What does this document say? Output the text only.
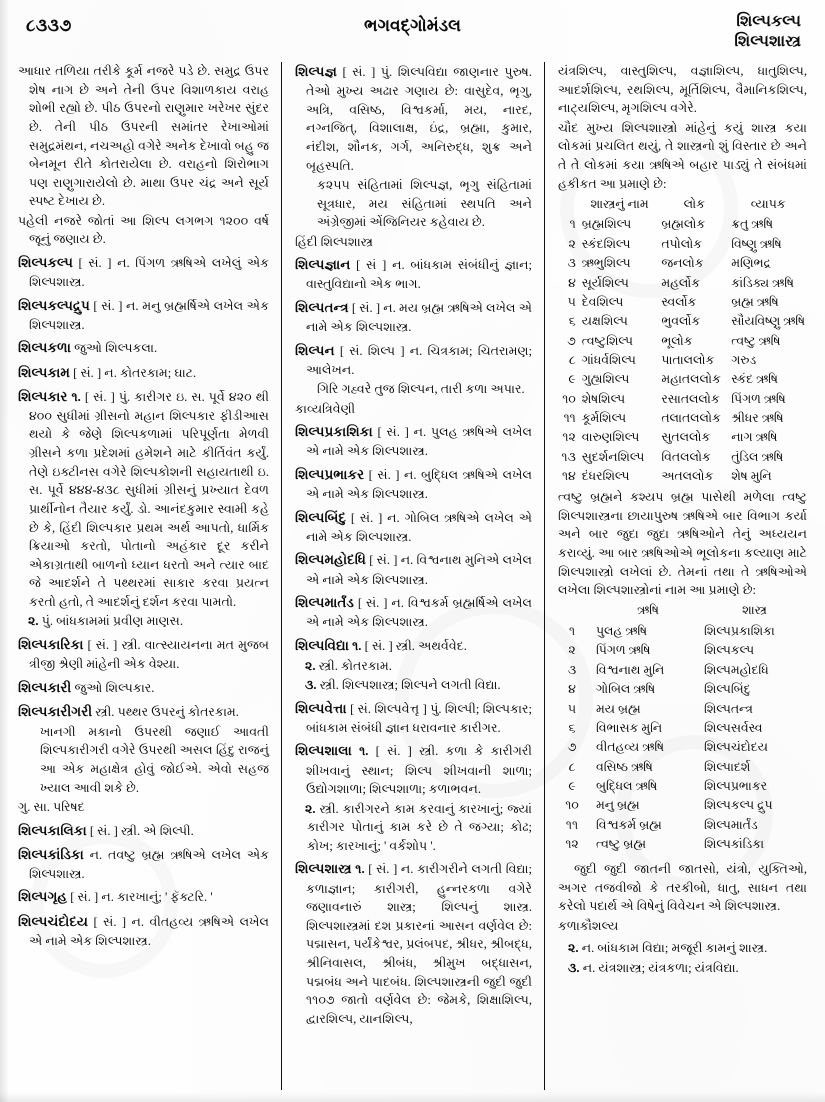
૮૩૩૭	ભગવદ્‌ગોમંડલ	શિલ્પકલ્પ
શિલ્પશાસ્ત્ર

આધાર તળિયા તરીકે કૂર્મ નજરે પડે છે. સમુદ્ર ઉપર શેષ નાગ છે અને તેની ઉપર વિશાળકાય વરાહ શોભી રહ્યો છે. પીઠ ઉપરનો રાણુમાર ખરેખર સુંદર છે. તેની પીઠ ઉપરની સમાંતર રેખાઓમાં સમુદ્રમંથન, નચઅહો વગેરે અનેક દેખાવો બહુ જ બેનમૂન રીતે કોતરાયેલા છે. વરાહનો શિરોભાગ પણ રાણુગારાયેલો છે. માથા ઉપર ચંદ્ર અને સૂર્ય સ્પષ્ટ દેખાય છે.

પહેલી નજરે જોતાં આ શિલ્પ લગભગ ૧૨૦૦ વર્ષ જૂનું જણાય છે.

શિલ્પકલ્પ [ સં. ] ન. પિંગળ ઋષિએ લખેલું એક શિલ્પશાસ્ત્ર.

શિલ્પકલ્પદ્રુપ [ સં. ] ન. મનુ બ્રહ્મર્ષિએ લખેલ એક શિલ્પશાસ્ત્ર.

શિલ્પકળા જુઓ શિલ્પકલા.

શિલ્પકામ [ સં. ] ન. કોતરકામ; ઘાટ.

શિલ્પકાર ૧. [ સં. ] પું. કારીગર ઇ. સ. પૂર્વે ૪૨૦ થી ૪૦૦ સુધીમાં ગ્રીસનો મહાન શિલ્પકાર ફીડીઆસ થયો કે જેણે શિલ્પકળામાં પરિપૂર્ણતા મેળવી ગ્રીસને કળા પ્રદેશમાં હમેશને માટે કીર્તિવંત કર્યું. તેણે ઇક્ટીનસ વગેરે શિલ્પકોશની સહાયતાથી ઇ. સ. પૂર્વે ૪૪૪-૪૩૮ સુધીમાં ગ્રીસનું પ્રખ્યાત દેવળ પ્રાર્થીનોન તૈયાર કર્યું. ડો. આનંદકુમાર સ્વામી કહે છે કે, હિંદી શિલ્પકાર પ્રથમ અર્થ આપતો, ધાર્મિક ક્રિયાઓ કરતો, પોતાનો અહંકાર દૂર કરીને એકાગ્રતાથી બાળનો ધ્યાન ધરતો અને ત્યાર બાદ જે આદર્શને તે પથ્થરમાં સાકાર કરવા પ્રયત્ન કરતો હતો, તે આદર્શનું દર્શન કરવા પામતો.

૨. પું. બાંધકામમાં પ્રવીણ માણસ.

શિલ્પકારિકા [ સં. ] સ્ત્રી. વાત્સ્યાયનના મત મુજબ ત્રીજી શ્રેણી માંહેની એક વેશ્યા.

શિલ્પકારી જુઓ શિલ્પકાર.

શિલ્પકારીગરી સ્ત્રી. પથ્થર ઉપરનું કોતરકામ.

ખાનગી મકાનો ઉપરથી જણાઈ આવતી શિલ્પકારીગરી વગેરે ઉપરથી અસલ હિંદુ રાજનું આ એક મહાક્ષેત્ર હોવું જોઈએ. એવો સહજ ખ્યાલ આવી શકે છે.

ગુ. સા. પરિષદ

શિલ્પકાલિકા [ સં. ] સ્ત્રી. એ શિલ્પી.

શિલ્પકાંડિકા ન. તવષ્ટુ બ્રહ્મ ઋષિએ લખેલ એક શિલ્પશાસ્ત્ર.

શિલ્પગૃહ [ સં. ] ન. કારખાનું; ' ફૅક્ટરિ. '

શિલ્પચંદોદય [ સં. ] ન. વીતહવ્ય ઋષિએ લખેલ એ નામે એક શિલ્પશાસ્ત્ર.

શિલ્પજ્ઞ [ સં. ] પું. શિલ્પવિદ્યા જાણનાર પુરુષ. તેઓ મુખ્ય અઢાર ગણાય છે: વાસુદેવ, ભૃગુ, અત્રિ, વસિષ્ઠ, વિશ્વકર્મા, મય, નારદ, નગ્નજિત્, વિશાલાક્ષ, ઇંદ્ર, બ્રહ્મા, કુમાર, નંદીશ, શૌનક, ગર્ગ, અનિરુદ્ધ, શુક્ર અને બૃહસ્પતિ.

ક૨૫૫ સંહિતામાં શિલ્પજ્ઞ, ભૃગુ સંહિતામાં સૂત્રધાર, મય સંહિતામાં સ્થપતિ અને અંગ્રેજીમાં એંજિનિયર કહેવાય છે.

હિંદી શિલ્પશાસ્ત્ર

શિલ્પજ્ઞાન [ સં ] ન. બાંધકામ સંબંધીનું જ્ઞાન; વાસ્તુવિદ્યાનો એક ભાગ.

શિલ્પતન્ત્ર [ સં. ] ન. મય બ્રહ્મ ઋષિએ લખેલ એ નામે એક શિલ્પશાસ્ત્ર.

શિલ્પન [ સં. શિલ્પ ] ન. ચિત્રકામ; ચિતરામણ; આલેખન.

ગિરિ ગહ્વરે તુજ શિલ્પન, તારી કળા અપાર.

કાવ્યત્રિવેણી

શિલ્પપ્રકાશિકા [ સં. ] ન. પુલહ ઋષિએ લખેલ એ નામે એક શિલ્પશાસ્ત્ર.

શિલ્પપ્રભાકર [ સં. ] ન. બુદ્ધિલ ઋષિએ લખેલ એ નામે એક શિલ્પશાસ્ત્ર.

શિલ્પબિંદુ [ સં. ] ન. ગોબિલ ઋષિએ લખેલ એ નામે એક શિલ્પશાસ્ત્ર.

શિલ્પમહોદધિ [ સં. ] ન. વિશ્વનાથ મુનિએ લખેલ એ નામે એક શિલ્પશાસ્ત્ર.

શિલ્પમાર્તંડ [ સં. ] ન. વિશ્વકર્મ બ્રહ્મર્ષિએ લખેલ એ નામે એક શિલ્પશાસ્ત્ર.

શિલ્પવિદ્યા ૧. [ સં. ] સ્ત્રી. અથર્વવેદ.

૨. સ્ત્રી. કોતરકામ.

૩. સ્ત્રી. શિલ્પશાસ્ત્ર; શિલ્પને લગતી વિદ્યા.

શિલ્પવેત્તા [ સં. શિલ્પવેત્તૃ ] પું. શિલ્પી; શિલ્પકાર; બાંધકામ સંબંધી જ્ઞાન ધરાવનાર કારીગર.

શિલ્પશાલા ૧. [ સં. ] સ્ત્રી. કળા કે કારીગરી શીખવાનું સ્થાન; શિલ્પ શીખવાની શાળા; ઉદ્યોગશાળા; શિલ્પશાળા; કળાભવન.

૨. સ્ત્રી. કારીગરને કામ કરવાનું કારખાનું; જ્યાં કારીગર પોતાનું કામ કરે છે તે જગ્યા; કોઢ; કોખ; કારખાનું; ' વર્કશોપ '.

શિલ્પશાસ્ત્ર ૧. [ સં. ] ન. કારીગરીને લગતી વિદ્યા; કળાજ્ઞાન; કારીગરી, હુન્નરકળા વગેરે જણાવનારું શાસ્ત્ર; શિલ્પનું શાસ્ત્ર. શિલ્પશાસ્ત્રમાં દશ પ્રકારનાં આસન વર્ણવેલ છે: પદ્માસન, પર્યંકેશ્વર, પ્રલંબપદ, શ્રીધર, શ્રીબદ્ધ, શ્રીનિવાસલ, શ્રીબંધ, શ્રીમુખ બદ્ધાસન, પદ્મબંધ અને પાદબંધ. શિલ્પશાસ્ત્રની જુદી જુદી ૧૧૦૭ જાતો વર્ણવેલ છે: જેમકે, શિક્ષાશિલ્પ, દ્વારશિલ્પ, યાનશિલ્પ,

યંત્રશિલ્પ, વાસ્તુશિલ્પ, વજ્ઞાશિલ્પ, ધાતુશિલ્પ, આદર્શશિલ્પ, રથશિલ્પ, મૂર્તિશિલ્પ, વૈમાનિકશિલ્પ, નાટ્યશિલ્પ, મૃગશિલ્પ વગેરે.

ચૌદ મુખ્ય શિલ્પશાસ્ત્રો માંહેનું કયું શાસ્ત્ર કયા લોકમાં પ્રચલિત થયું, તે શાસ્ત્રનો શું વિસ્તાર છે અને તે તે લોકમાં કયા ઋષિએ બહાર પાડ્યું તે સંબંધમાં હકીકત આ પ્રમાણે છે:

	શાસ્ત્રનું નામ	લોક	વ્યાપક
૧	બ્રહ્મશિલ્પ	બ્રહ્મલોક	ક્રતુ ઋષિ
૨	સ્કંદશિલ્પ	તપોલોક	વિષ્ણુ ઋષિ
૩	ઋભુશિલ્પ	જનલોક	મણિભદ્ર
૪	સૂર્યશિલ્પ	મહર્લોક	કાંડિક્ય ઋષિ
૫	દેવશિલ્પ	સ્વર્લોક	બ્રહ્મ ઋષિ
૬	યક્ષશિલ્પ	ભુવર્લોક	સૌયવિષ્ણુ ઋષિ
૭	ત્વષ્ટુશિલ્પ	ભૂલોક	ત્વષ્ટુ ઋષિ
૮	ગાંધર્વશિલ્પ	પાતાલલોક	ગરુડ
૯	ગુહ્યશિલ્પ	મહાતલલોક	સ્કંદ ઋષિ
૧૦	શેષશિલ્પ	રસાતલલોક	પિંગળ ઋષિ
૧૧	કૂર્મશિલ્પ	તલાતલલોક	શ્રીધર ઋષિ
૧૨	વારુણશિલ્પ	સુતલલોક	નાગ ઋષિ
૧૩	સુદર્શનશિલ્પ	વિતલલોક	તુંડિલ ઋષિ
૧૪	દંધરશિલ્પ	અતલલોક	શેષ મુનિ

ત્વષ્ટુ બ્રહ્મને કશ્યપ બ્રહ્મ પાસેથી મળેલા ત્વષ્ટુ શિલ્પશાસ્ત્રના છાયાપુરુષ ઋષિએ બાર વિભાગ કર્યા અને બાર જુદા જુદા ઋષિઓને તેનું અધ્યયન કરાવ્યું. આ બાર ઋષિઓએ ભૂલોકના કલ્યાણ માટે શિલ્પશાસ્ત્રો લખેલાં છે. તેમનાં તથા તે ઋષિઓએ લખેલા શિલ્પશાસ્ત્રોનાં નામ આ પ્રમાણે છે:

	ઋષિ	શાસ્ત્ર
૧	પુલહ ઋષિ	શિલ્પપ્રકાશિકા
૨	પિંગળ ઋષિ	શિલ્પકલ્પ
૩	વિશ્વનાથ મુનિ	શિલ્પમહોદધિ
૪	ગોબિલ ઋષિ	શિલ્પબિંદુ
૫	મય બ્રહ્મ	શિલ્પતન્ત્ર
૬	વિભાસક મુનિ	શિલ્પસર્વસ્વ
૭	વીતહવ્ય ઋષિ	શિલ્પચંદોદય
૮	વસિષ્ઠ ઋષિ	શિલ્પાદર્શ
૯	બુદ્ધિલ ઋષિ	શિલ્પપ્રભાકર
૧૦	મનુ બ્રહ્મ	શિલ્પકલ્પ દ્રુપ
૧૧	વિશ્વકર્મ બ્રહ્મ	શિલ્પમાર્તંડ
૧૨	ત્વષ્ટુ બ્રહ્મ	શિલ્પકાંડિકા

જુદી જુદી જાતની જાતસો, યંત્રો, યુક્તિઓ, અગર તજવીજો કે તરકીબો, ધાતુ, સાધન તથા કરેલો પદાર્થ એ વિષેનું વિવેચન એ શિલ્પશાસ્ત્ર.

કળાકૌશલ્ય

૨. ન. બાંધકામ વિદ્યા; મજૂરી કામનું શાસ્ત્ર.

૩. ન. યંત્રશાસ્ત્ર; યંત્રકળા; યંત્રવિદ્યા.
